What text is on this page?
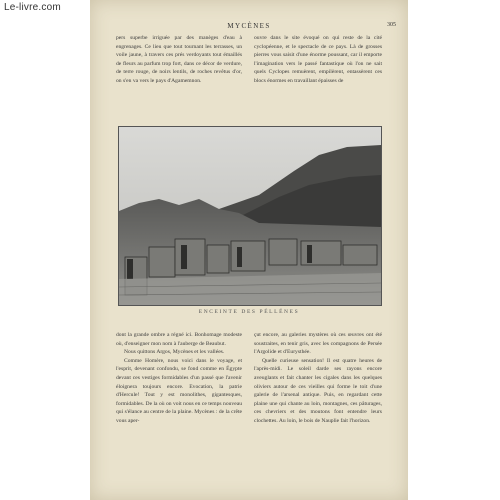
Le-livre.com
MYCÈNES	305

pers superbe irriguée par des manèges d'eau à engrenages. Ce lieu que tout tournant les terrasses, un voile jaune, à travers ces prés verdoyants tout émaillés de fleurs au parfum trop fort, dans ce décor de verdure, de terre rouge, de noirs lentils, de roches revêtus d'or, on s'en va vers le pays d'Agamemnon.

ouvre dans le site évoqué on qui reste de la cité cyclopéenne, et le spectacle de ce pays. Là de grosses pierres vous saisit d'une énorme poussant, car il emporte l'imagination vers le passé fantastique où l'on ne sait quels Cyclopes remuèrent, empilèrent, entassèrent ces blocs énormes en travaillant épaisses de

ENCEINTE DES PÉLLÉNES

dont la grande ombre a régné ici. Bonhomage modeste où, d'enseigner mon nom à l'auberge de Beaubut.

Nous quittons Argos, Mycènes et les vallées.

Comme Homère, nous voici dans le voyage, et l'esprit, devenant confondu, se fond comme en Égypte devant ces vestiges formidables d'un passé que l'avenir éloignera toujours encore. Evocation, la patrie d'Hercule! Tout y est monolithes, gigantesques, formidables. De la où on voit nous en ce temps nouveau qui s'élance au centre de la plaine. Mycènes : de la crête vous aper-

çut encore, au galeries mystères où ces œuvres ont été soustraites, en tenir gris, avec les compagnons de Persée l'Argolide et d'Eurysthée.

Quelle curieuse sensation! Il est quatre heures de l'après-midi. Le soleil darde ses rayons encore aveuglants et fait chanter les cigales dans les quelques oliviers autour de ces vieilles qui forme le toit d'une galerie de l'arsenal antique. Puis, en regardant cette plaine une qui chante au loin, montagnes, ces pâturages, ces chevriers et des moutons font entendre leurs clochettes. Au loin, le bois de Nauplie fait l'horizon.
